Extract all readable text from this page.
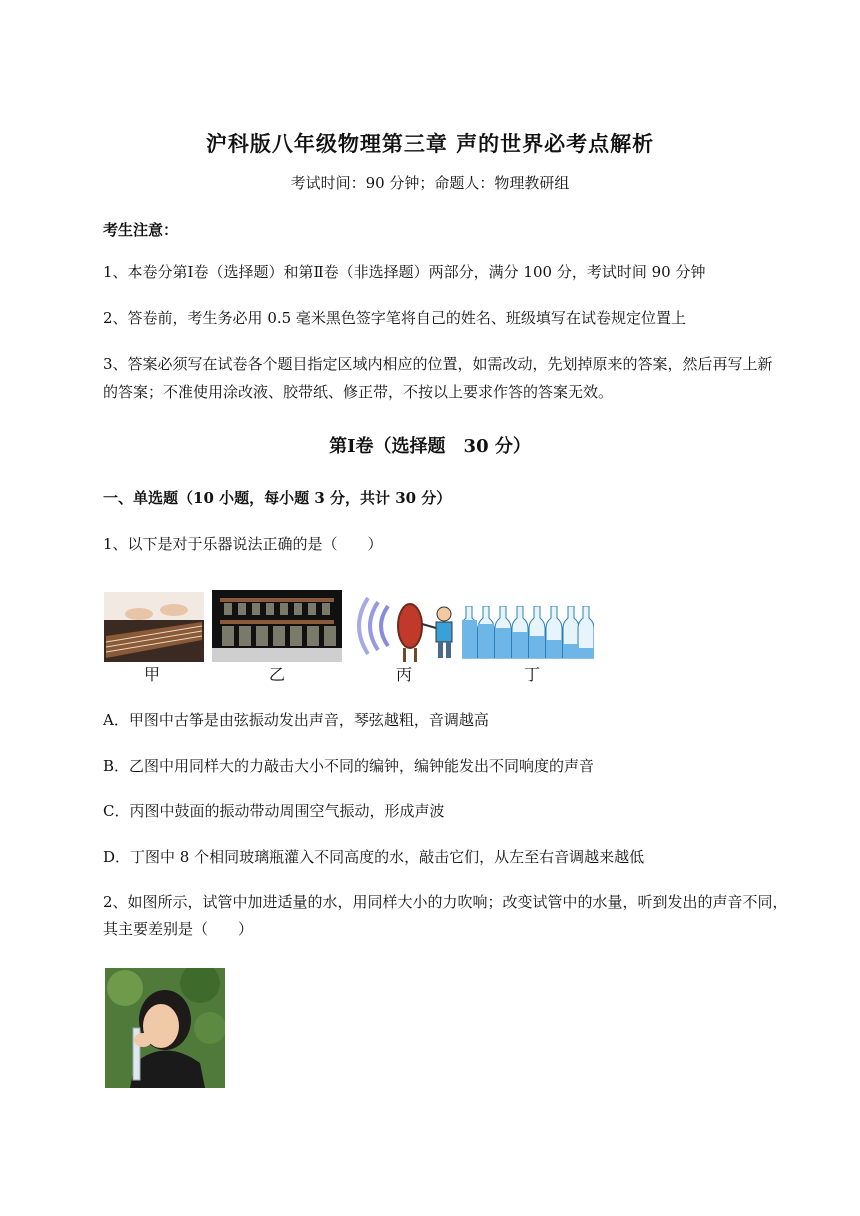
沪科版八年级物理第三章 声的世界必考点解析
考试时间：90 分钟；命题人：物理教研组
考生注意：
1、本卷分第Ⅰ卷（选择题）和第Ⅱ卷（非选择题）两部分，满分 100 分，考试时间 90 分钟
2、答卷前，考生务必用 0.5 毫米黑色签字笔将自己的姓名、班级填写在试卷规定位置上
3、答案必须写在试卷各个题目指定区域内相应的位置，如需改动，先划掉原来的答案，然后再写上新
的答案；不准使用涂改液、胶带纸、修正带，不按以上要求作答的答案无效。
第Ⅰ卷（选择题　30 分）
一、单选题（10 小题，每小题 3 分，共计 30 分）
1、以下是对于乐器说法正确的是（　　）
甲	乙	丙	丁
A．甲图中古筝是由弦振动发出声音，琴弦越粗，音调越高
B．乙图中用同样大的力敲击大小不同的编钟，编钟能发出不同响度的声音
C．丙图中鼓面的振动带动周围空气振动，形成声波
D．丁图中 8 个相同玻璃瓶灌入不同高度的水，敲击它们，从左至右音调越来越低
2、如图所示，试管中加进适量的水，用同样大小的力吹响；改变试管中的水量，听到发出的声音不同，
其主要差别是（　　）
